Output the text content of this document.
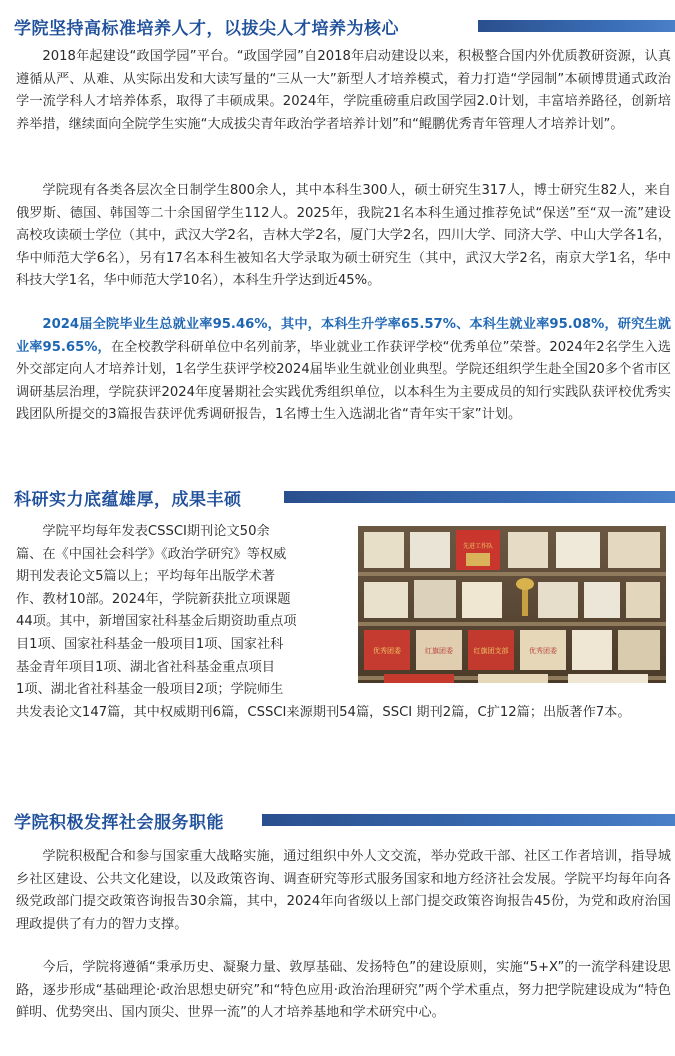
学院坚持高标准培养人才，以拔尖人才培养为核心

2018年起建设“政国学园”平台。“政国学园”自2018年启动建设以来，积极整合国内外优质教研资源，认真遵循从严、从难、从实际出发和大读写量的“三从一大”新型人才培养模式，着力打造“学园制”本硕博贯通式政治学一流学科人才培养体系，取得了丰硕成果。2024年，学院重磅重启政国学园2.0计划，丰富培养路径，创新培养举措，继续面向全院学生实施“大成拔尖青年政治学者培养计划”和“鲲鹏优秀青年管理人才培养计划”。

学院现有各类各层次全日制学生800余人，其中本科生300人，硕士研究生317人，博士研究生82人，来自俄罗斯、德国、韩国等二十余国留学生112人。2025年，我院21名本科生通过推荐免试“保送”至“双一流”建设高校攻读硕士学位（其中，武汉大学2名，吉林大学2名，厦门大学2名，四川大学、同济大学、中山大学各1名，华中师范大学6名），另有17名本科生被知名大学录取为硕士研究生（其中，武汉大学2名，南京大学1名，华中科技大学1名，华中师范大学10名），本科生升学达到近45%。

2024届全院毕业生总就业率95.46%，其中，本科生升学率65.57%、本科生就业率95.08%，研究生就业率95.65%，在全校教学科研单位中名列前茅，毕业就业工作获评学校“优秀单位”荣誉。2024年2名学生入选外交部定向人才培养计划，1名学生获评学校2024届毕业生就业创业典型。学院还组织学生赴全国20多个省市区调研基层治理，学院获评2024年度暑期社会实践优秀组织单位，以本科生为主要成员的知行实践队获评校优秀实践团队所提交的3篇报告获评优秀调研报告，1名博士生入选湖北省“青年实干家”计划。

科研实力底蕴雄厚，成果丰硕
学院平均每年发表CSSCI期刊论文50余
篇、在《中国社会科学》《政治学研究》等权威
期刊发表论文5篇以上；平均每年出版学术著
作、教材10部。2024年，学院新获批立项课题
44项。其中，新增国家社科基金后期资助重点项
目1项、国家社科基金一般项目1项、国家社科
基金青年项目1项、湖北省社科基金重点项目
1项、湖北省社科基金一般项目2项；学院师生

共发表论文147篇，其中权威期刊6篇，CSSCI来源期刊54篇，SSCI 期刊2篇，C扩12篇；出版著作7本。

先进工作队
优秀团委	红旗团委	红旗团支部	优秀团委
学院积极发挥社会服务职能

学院积极配合和参与国家重大战略实施，通过组织中外人文交流，举办党政干部、社区工作者培训，指导城乡社区建设、公共文化建设，以及政策咨询、调查研究等形式服务国家和地方经济社会发展。学院平均每年向各级党政部门提交政策咨询报告30余篇，其中，2024年向省级以上部门提交政策咨询报告45份，为党和政府治国理政提供了有力的智力支撑。

今后，学院将遵循“秉承历史、凝聚力量、敦厚基础、发扬特色”的建设原则，实施“5+X”的一流学科建设思路，逐步形成“基础理论·政治思想史研究”和“特色应用·政治治理研究”两个学术重点，努力把学院建设成为“特色鲜明、优势突出、国内顶尖、世界一流”的人才培养基地和学术研究中心。
